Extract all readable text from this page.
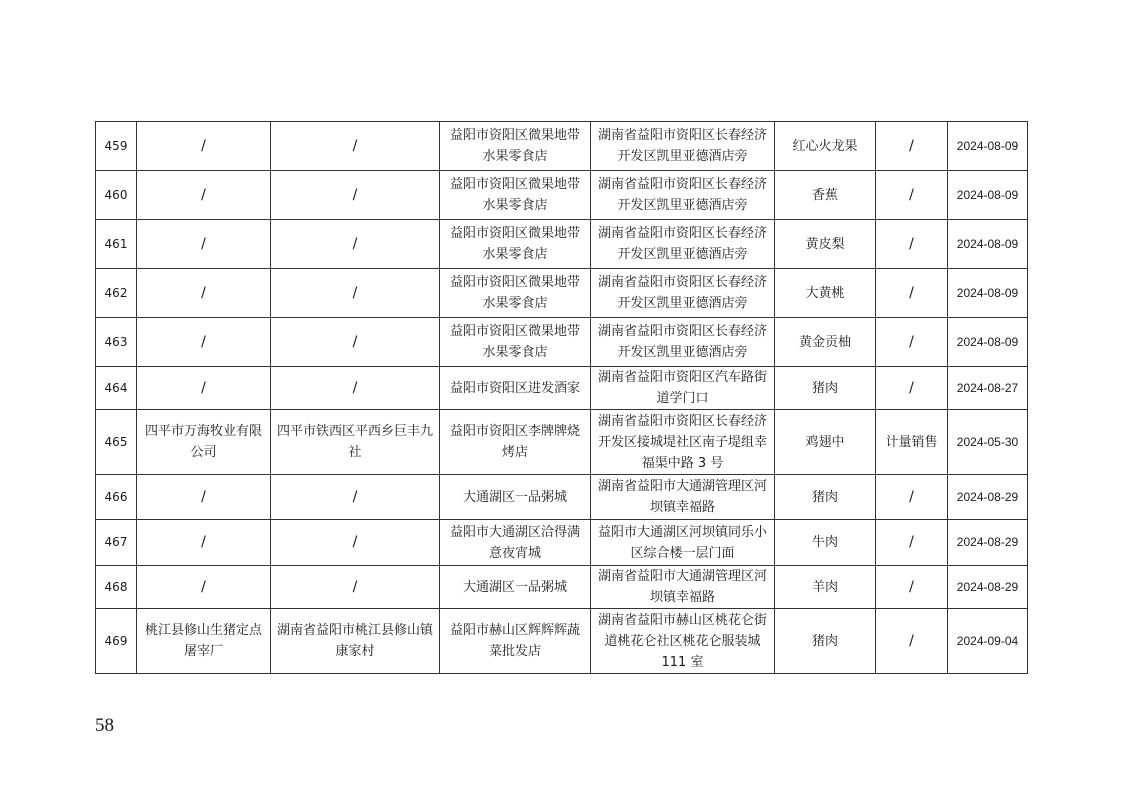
459	/	/	益阳市资阳区微果地带水果零食店	湖南省益阳市资阳区长春经济开发区凯里亚德酒店旁	红心火龙果	/	2024-08-09
460	/	/	益阳市资阳区微果地带水果零食店	湖南省益阳市资阳区长春经济开发区凯里亚德酒店旁	香蕉	/	2024-08-09
461	/	/	益阳市资阳区微果地带水果零食店	湖南省益阳市资阳区长春经济开发区凯里亚德酒店旁	黄皮梨	/	2024-08-09
462	/	/	益阳市资阳区微果地带水果零食店	湖南省益阳市资阳区长春经济开发区凯里亚德酒店旁	大黄桃	/	2024-08-09
463	/	/	益阳市资阳区微果地带水果零食店	湖南省益阳市资阳区长春经济开发区凯里亚德酒店旁	黄金贡柚	/	2024-08-09
464	/	/	益阳市资阳区进发酒家	湖南省益阳市资阳区汽车路街道学门口	猪肉	/	2024-08-27
465	四平市万海牧业有限公司	四平市铁西区平西乡巨丰九社	益阳市资阳区李牌牌烧烤店	湖南省益阳市资阳区长春经济开发区接城堤社区南子堤组幸福渠中路 3 号	鸡翅中	计量销售	2024-05-30
466	/	/	大通湖区一品粥城	湖南省益阳市大通湖管理区河坝镇幸福路	猪肉	/	2024-08-29
467	/	/	益阳市大通湖区洽得满意夜宵城	益阳市大通湖区河坝镇同乐小区综合楼一层门面	牛肉	/	2024-08-29
468	/	/	大通湖区一品粥城	湖南省益阳市大通湖管理区河坝镇幸福路	羊肉	/	2024-08-29
469	桃江县修山生猪定点屠宰厂	湖南省益阳市桃江县修山镇康家村	益阳市赫山区辉辉辉蔬菜批发店	湖南省益阳市赫山区桃花仑街道桃花仑社区桃花仑服装城 111 室	猪肉	/	2024-09-04
58
